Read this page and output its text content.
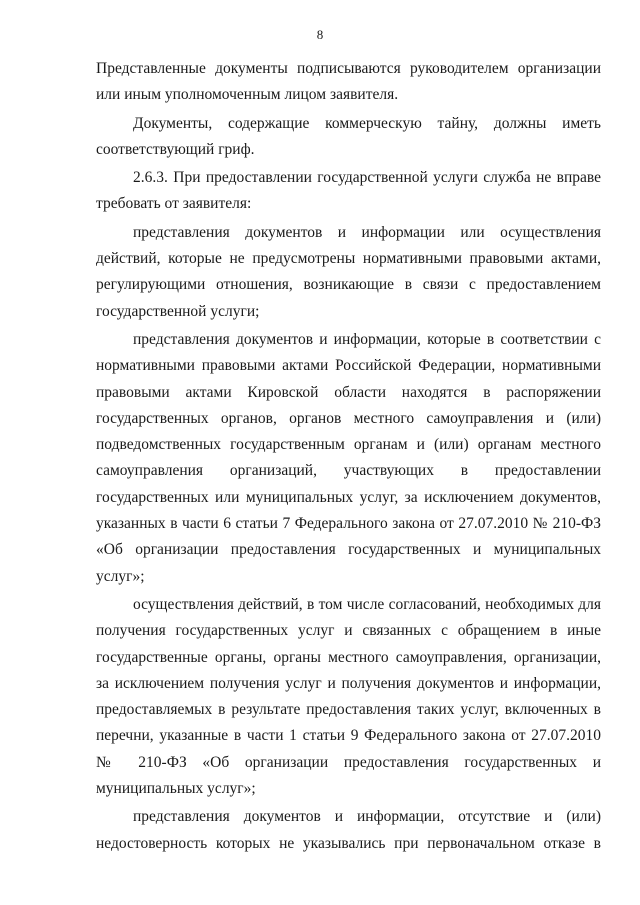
8

Представленные документы подписываются руководителем организации или иным уполномоченным лицом заявителя.

Документы, содержащие коммерческую тайну, должны иметь соответствующий гриф.

2.6.3. При предоставлении государственной услуги служба не вправе требовать от заявителя:

представления документов и информации или осуществления действий, которые не предусмотрены нормативными правовыми актами, регулирующими отношения, возникающие в связи с предоставлением государственной услуги;

представления документов и информации, которые в соответствии с нормативными правовыми актами Российской Федерации, нормативными правовыми актами Кировской области находятся в распоряжении государственных органов, органов местного самоуправления и (или) подведомственных государственным органам и (или) органам местного самоуправления организаций, участвующих в предоставлении государственных или муниципальных услуг, за исключением документов, указанных в части 6 статьи 7 Федерального закона от 27.07.2010 № 210-ФЗ «Об организации предоставления государственных и муниципальных услуг»;

осуществления действий, в том числе согласований, необходимых для получения государственных услуг и связанных с обращением в иные государственные органы, органы местного самоуправления, организации, за исключением получения услуг и получения документов и информации, предоставляемых в результате предоставления таких услуг, включенных в перечни, указанные в части 1 статьи 9 Федерального закона от 27.07.2010 № 210-ФЗ «Об организации предоставления государственных и муниципальных услуг»;

представления документов и информации, отсутствие и (или) недостоверность которых не указывались при первоначальном отказе в
